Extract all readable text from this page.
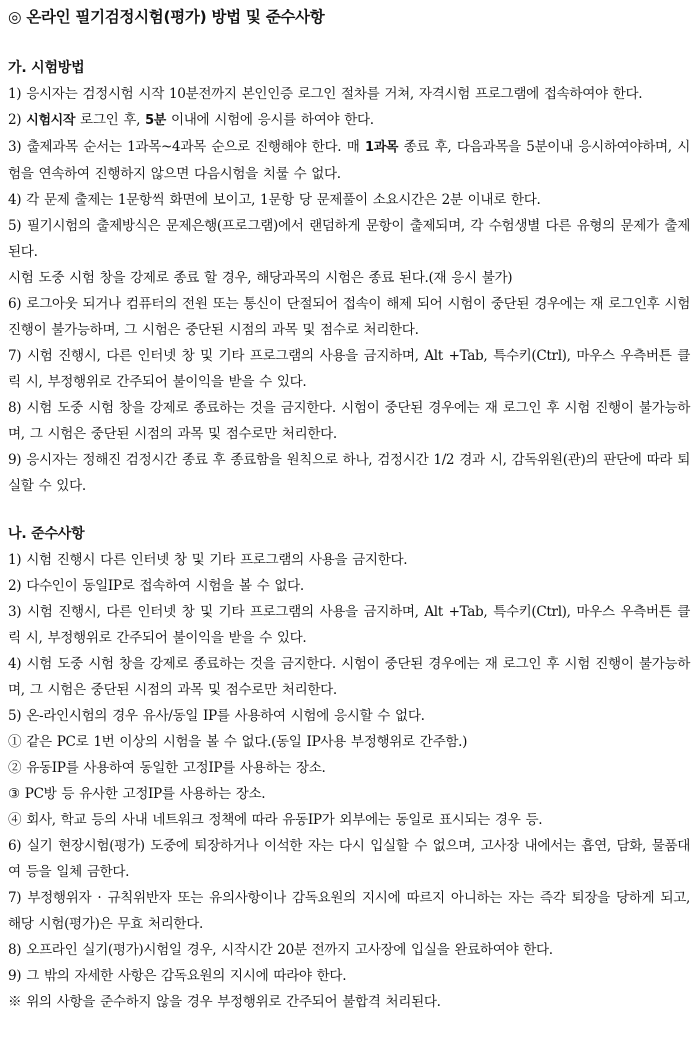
◎ 온라인 필기검정시험(평가) 방법 및 준수사항
가. 시험방법

1) 응시자는 검정시험 시작 10분전까지 본인인증 로그인 절차를 거쳐, 자격시험 프로그램에 접속하여야 한다.

2) 시험시작 로그인 후, 5분 이내에 시험에 응시를 하여야 한다.

3) 출제과목 순서는 1과목~4과목 순으로 진행해야 한다. 매 1과목 종료 후, 다음과목을 5분이내 응시하여야하며, 시험을 연속하여 진행하지 않으면 다음시험을 치룰 수 없다.

4) 각 문제 출제는 1문항씩 화면에 보이고, 1문항 당 문제풀이 소요시간은 2분 이내로 한다.

5) 필기시험의 출제방식은 문제은행(프로그램)에서 랜덤하게 문항이 출제되며, 각 수험생별 다른 유형의 문제가 출제된다.

시험 도중 시험 창을 강제로 종료 할 경우, 해당과목의 시험은 종료 된다.(재 응시 불가)

6) 로그아웃 되거나 컴퓨터의 전원 또는 통신이 단절되어 접속이 해제 되어 시험이 중단된 경우에는 재 로그인후 시험 진행이 불가능하며, 그 시험은 중단된 시점의 과목 및 점수로 처리한다.

7) 시험 진행시, 다른 인터넷 창 및 기타 프로그램의 사용을 금지하며, Alt +Tab, 특수키(Ctrl), 마우스 우측버튼 클릭 시, 부정행위로 간주되어 불이익을 받을 수 있다.

8) 시험 도중 시험 창을 강제로 종료하는 것을 금지한다. 시험이 중단된 경우에는 재 로그인 후 시험 진행이 불가능하며, 그 시험은 중단된 시점의 과목 및 점수로만 처리한다.

9) 응시자는 정해진 검정시간 종료 후 종료함을 원칙으로 하나, 검정시간 1/2 경과 시, 감독위원(관)의 판단에 따라 퇴실할 수 있다.

나. 준수사항

1) 시험 진행시 다른 인터넷 창 및 기타 프로그램의 사용을 금지한다.

2) 다수인이 동일IP로 접속하여 시험을 볼 수 없다.

3) 시험 진행시, 다른 인터넷 창 및 기타 프로그램의 사용을 금지하며, Alt +Tab, 특수키(Ctrl), 마우스 우측버튼 클릭 시, 부정행위로 간주되어 불이익을 받을 수 있다.

4) 시험 도중 시험 창을 강제로 종료하는 것을 금지한다. 시험이 중단된 경우에는 재 로그인 후 시험 진행이 불가능하며, 그 시험은 중단된 시점의 과목 및 점수로만 처리한다.

5) 온-라인시험의 경우 유사/동일 IP를 사용하여 시험에 응시할 수 없다.

① 같은 PC로 1번 이상의 시험을 볼 수 없다.(동일 IP사용 부정행위로 간주함.)

② 유동IP를 사용하여 동일한 고정IP를 사용하는 장소.

③ PC방 등 유사한 고정IP를 사용하는 장소.

④ 회사, 학교 등의 사내 네트워크 정책에 따라 유동IP가 외부에는 동일로 표시되는 경우 등.

6) 실기 현장시험(평가) 도중에 퇴장하거나 이석한 자는 다시 입실할 수 없으며, 고사장 내에서는 흡연, 담화, 물품대여 등을 일체 금한다.

7) 부정행위자 · 규칙위반자 또는 유의사항이나 감독요원의 지시에 따르지 아니하는 자는 즉각 퇴장을 당하게 되고, 해당 시험(평가)은 무효 처리한다.

8) 오프라인 실기(평가)시험일 경우, 시작시간 20분 전까지 고사장에 입실을 완료하여야 한다.

9) 그 밖의 자세한 사항은 감독요원의 지시에 따라야 한다.

※ 위의 사항을 준수하지 않을 경우 부정행위로 간주되어 불합격 처리된다.
